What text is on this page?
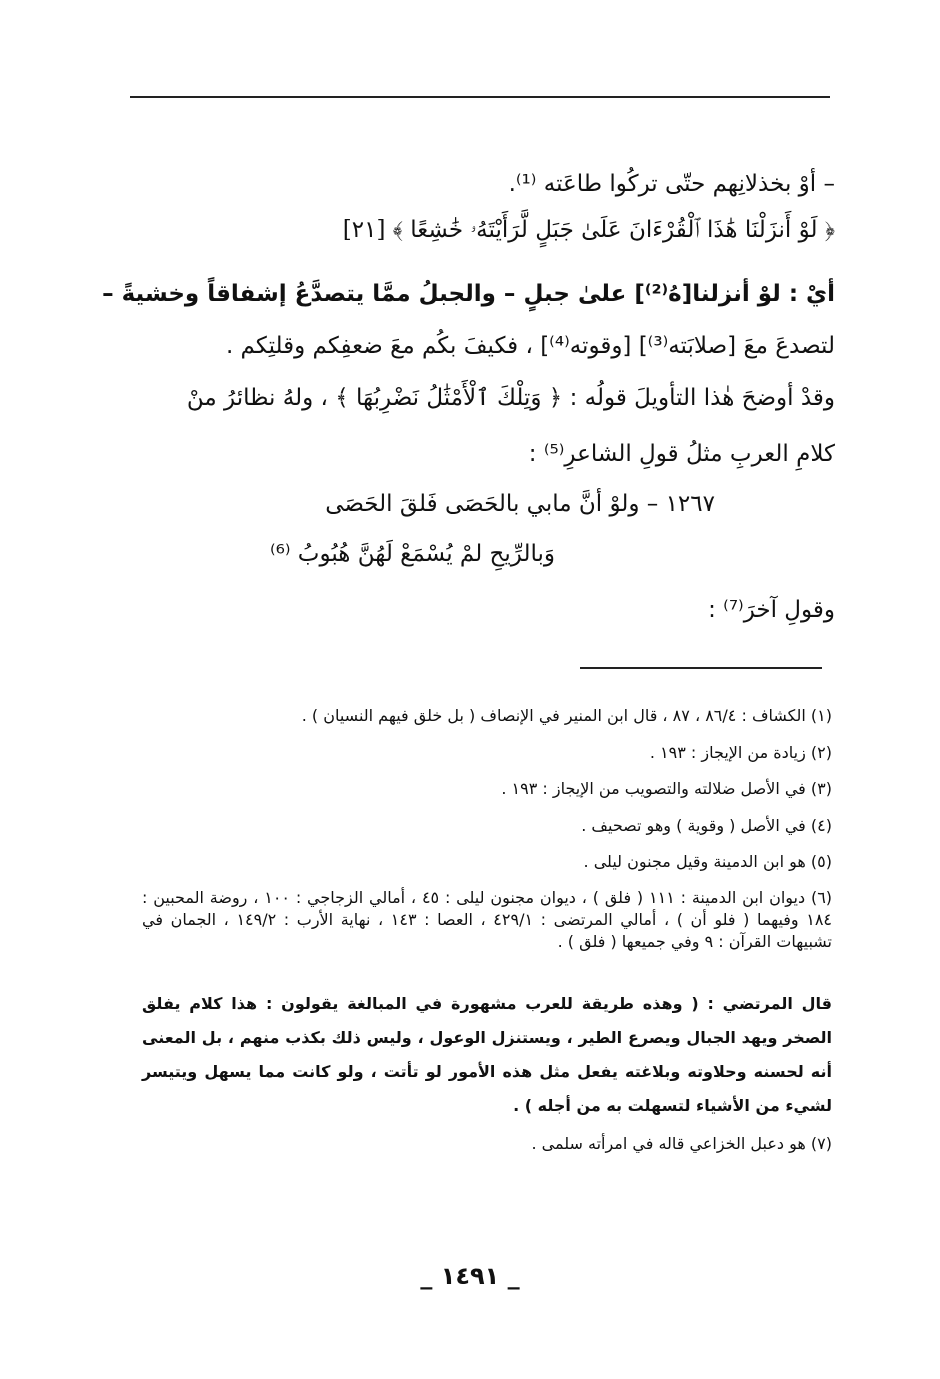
– أوْ بخذلانِهم حتّى تركُوا طاعَته ⁽¹⁾.

﴿ لَوْ أَنزَلْنَا هَٰذَا ٱلْقُرْءَانَ عَلَىٰ جَبَلٍ لَّرَأَيْتَهُۥ خَٰشِعًا ﴾ [٢١]

أيْ : لوْ أنزلنا[هُ⁽²⁾] علىٰ جبلٍ – والجبلُ ممَّا يتصدَّعُ إشفاقاً وخشيةً –

لتصدعَ معَ [صلابَته⁽³⁾] [وقوته⁽⁴⁾] ، فكيفَ بكُم معَ ضعفِكم وقلتِكم .

وقدْ أوضحَ هٰذا التأويلَ قولُه : ﴿ وَتِلْكَ ٱلْأَمْثَٰلُ نَضْرِبُهَا ﴾ ، ولهُ نظائرُ منْ

كلامِ العربِ مثلُ قولِ الشاعرِ⁽⁵⁾ :

١٢٦٧ – ولوْ أنَّ مابي بالحَصَى فَلقَ الحَصَى

وَبالرِّيحِ لمْ يُسْمَعْ لَهُنَّ هُبُوبُ ⁽⁶⁾

وقولِ آخرَ⁽⁷⁾ :

(١) الكشاف : ٨٦/٤ ، ٨٧ ، قال ابن المنير في الإنصاف ( بل خلق فيهم النسيان ) .
(٢) زيادة من الإيجاز : ١٩٣ .
(٣) في الأصل ضلالته والتصويب من الإيجاز : ١٩٣ .
(٤) في الأصل ( وقوية ) وهو تصحيف .
(٥) هو ابن الدمينة وقيل مجنون ليلى .
(٦) ديوان ابن الدمينة : ١١١ ( فلق ) ، ديوان مجنون ليلى : ٤٥ ، أمالي الزجاجي : ١٠٠ ، روضة المحبين : ١٨٤ وفيهما ( فلو أن ) ، أمالي المرتضى : ٤٢٩/١ ، العصا : ١٤٣ ، نهاية الأرب : ١٤٩/٢ ، الجمان في تشبيهات القرآن : ٩ وفي جميعها ( فلق ) .
قال المرتضي : ( وهذه طريقة للعرب مشهورة في المبالغة يقولون : هذا كلام يفلق الصخر ويهد الجبال ويصرع الطير ، ويستنزل الوعول ، وليس ذلك بكذب منهم ، بل المعنى أنه لحسنه وحلاوته وبلاغته يفعل مثل هذه الأمور لو تأتت ، ولو كانت مما يسهل ويتيسر لشيء من الأشياء لتسهلت به من أجله ) .
(٧) هو دعبل الخزاعي قاله في امرأته سلمى .
_ ١٤٩١ _
